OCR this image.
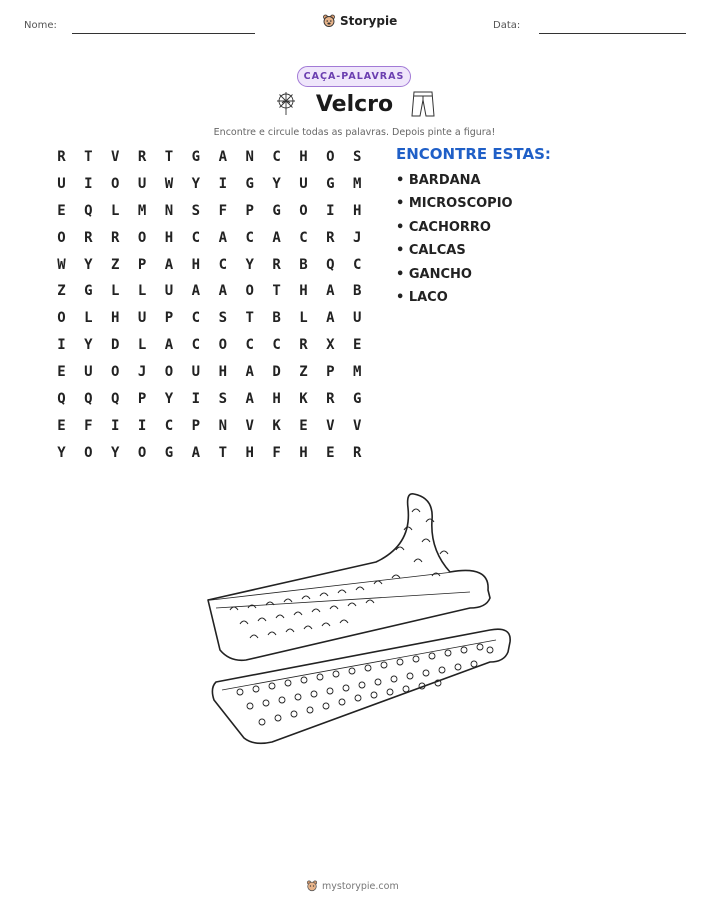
Nome:	Storypie	Data:
CAÇA-PALAVRAS
Velcro
Encontre e circule todas as palavras. Depois pinte a figura!
R	T	V	R	T	G	A	N	C	H	O	S
U	I	O	U	W	Y	I	G	Y	U	G	M
E	Q	L	M	N	S	F	P	G	O	I	H
O	R	R	O	H	C	A	C	A	C	R	J
W	Y	Z	P	A	H	C	Y	R	B	Q	C
Z	G	L	L	U	A	A	O	T	H	A	B
O	L	H	U	P	C	S	T	B	L	A	U
I	Y	D	L	A	C	O	C	C	R	X	E
E	U	O	J	O	U	H	A	D	Z	P	M
Q	Q	Q	P	Y	I	S	A	H	K	R	G
E	F	I	I	C	P	N	V	K	E	V	V
Y	O	Y	O	G	A	T	H	F	H	E	R
ENCONTRE ESTAS:
• BARDANA
• MICROSCOPIO
• CACHORRO
• CALCAS
• GANCHO
• LACO
mystorypie.com
